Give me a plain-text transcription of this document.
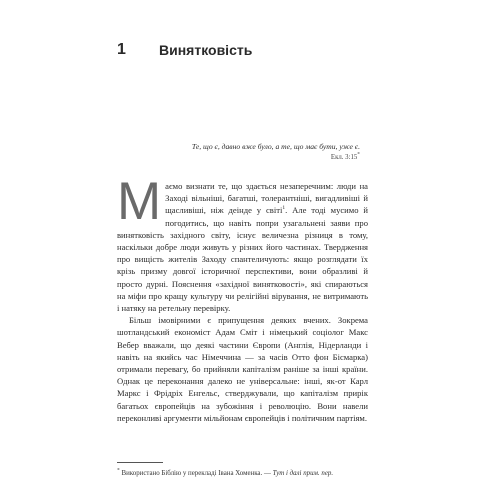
1	Винятковість
Те, що є, давно вже було, а те, що має бути, уже є.
Екл. 3:15*

Маємо визнати те, що здається незаперечним: люди на Заході вільніші, багатші, толерантніші, вигадливіші й щасливіші, ніж деінде у світі$^1$. Але тоді мусимо й погодитись, що навіть попри узагальнені заяви про винятковість західного світу, існує величезна різниця в тому, наскільки добре люди живуть у різних його частинах. Твердження про вищість жителів Заходу спантеличують: якщо розглядати їх крізь призму довгої історичної перспективи, вони образливі й просто дурні. Пояснення «західної винятковості», які спираються на міфи про кращу культуру чи релігійні вірування, не витримають і натяку на ретельну перевірку.

Більш імовірними є припущення деяких вчених. Зокрема шотландський економіст Адам Сміт і німецький соціолог Макс Вебер вважали, що деякі частини Європи (Англія, Нідерланди і навіть на якийсь час Німеччина — за часів Отто фон Бісмарка) отримали перевагу, бо прийняли капіталізм раніше за інші країни. Однак це переконання далеко не універсальне: інші, як-от Карл Маркс і Фрідріх Енгельс, стверджували, що капіталізм прирік багатьох європейців на зубожіння і революцію. Вони навели переконливі аргументи мільйонам європейців і політичним партіям.

* Використано Біблію у перекладі Івана Хоменка. — Тут і далі прим. пер.
